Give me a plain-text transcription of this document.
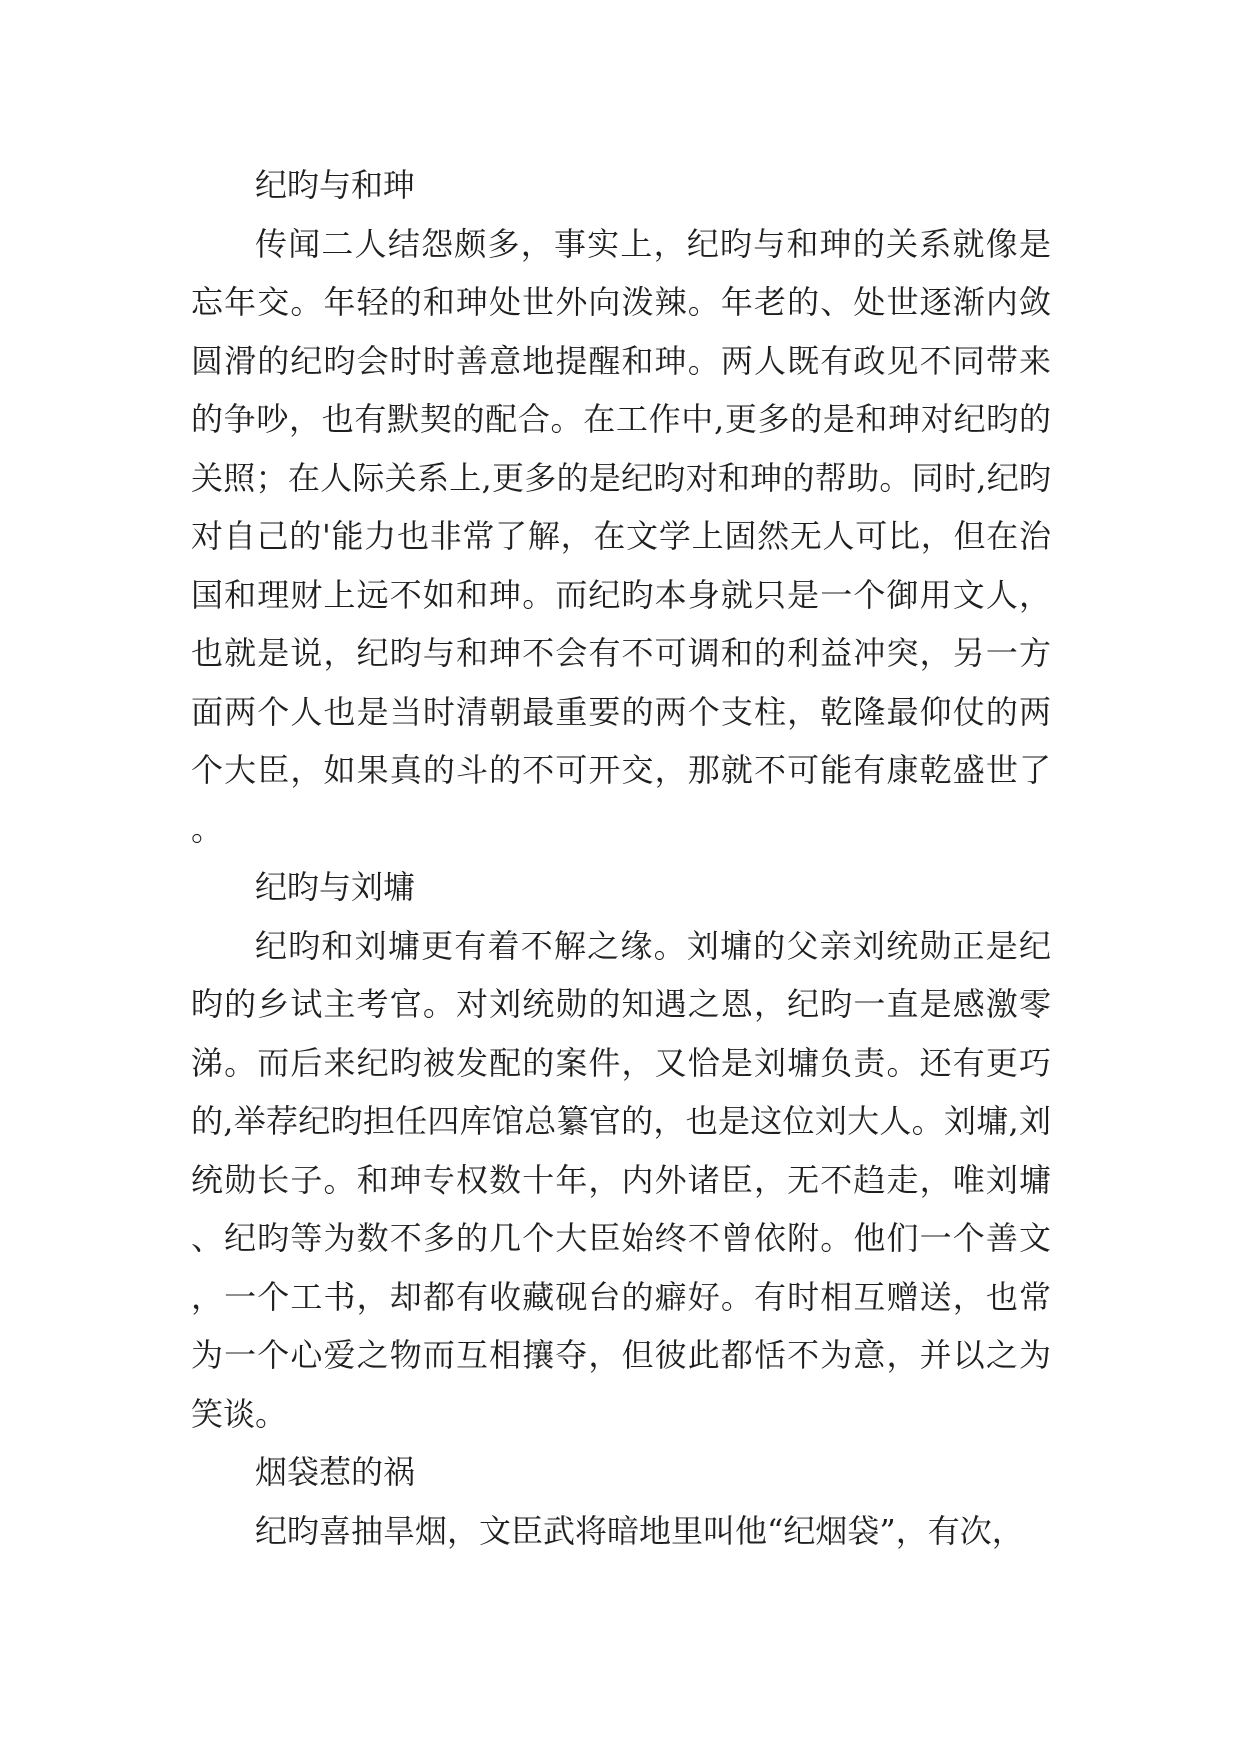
纪昀与和珅

传闻二人结怨颇多，事实上，纪昀与和珅的关系就像是忘年交。年轻的和珅处世外向泼辣。年老的、处世逐渐内敛圆滑的纪昀会时时善意地提醒和珅。两人既有政见不同带来的争吵，也有默契的配合。在工作中,更多的是和珅对纪昀的关照；在人际关系上,更多的是纪昀对和珅的帮助。同时,纪昀对自己的'能力也非常了解，在文学上固然无人可比，但在治国和理财上远不如和珅。而纪昀本身就只是一个御用文人，也就是说，纪昀与和珅不会有不可调和的利益冲突，另一方面两个人也是当时清朝最重要的两个支柱，乾隆最仰仗的两个大臣，如果真的斗的不可开交，那就不可能有康乾盛世了。

纪昀与刘墉

纪昀和刘墉更有着不解之缘。刘墉的父亲刘统勋正是纪昀的乡试主考官。对刘统勋的知遇之恩，纪昀一直是感激零涕。而后来纪昀被发配的案件，又恰是刘墉负责。还有更巧的,举荐纪昀担任四库馆总纂官的，也是这位刘大人。刘墉,刘统勋长子。和珅专权数十年，内外诸臣，无不趋走，唯刘墉、纪昀等为数不多的几个大臣始终不曾依附。他们一个善文，一个工书，却都有收藏砚台的癖好。有时相互赠送，也常为一个心爱之物而互相攘夺，但彼此都恬不为意，并以之为笑谈。

烟袋惹的祸

纪昀喜抽旱烟，文臣武将暗地里叫他“纪烟袋”，有次，
